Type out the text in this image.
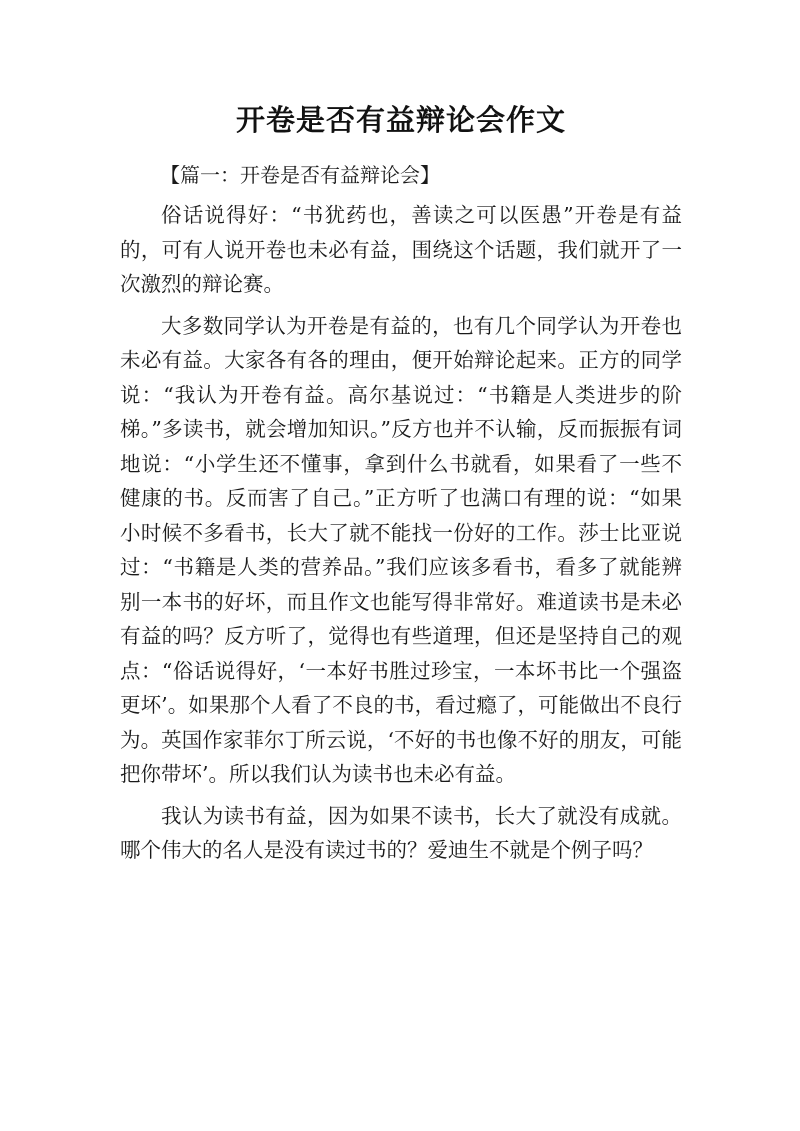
开卷是否有益辩论会作文

【篇一：开卷是否有益辩论会】

俗话说得好：“书犹药也，善读之可以医愚”开卷是有益的，可有人说开卷也未必有益，围绕这个话题，我们就开了一次激烈的辩论赛。

大多数同学认为开卷是有益的，也有几个同学认为开卷也未必有益。大家各有各的理由，便开始辩论起来。正方的同学说：“我认为开卷有益。高尔基说过：“书籍是人类进步的阶梯。”多读书，就会增加知识。”反方也并不认输，反而振振有词地说：“小学生还不懂事，拿到什么书就看，如果看了一些不健康的书。反而害了自己。”正方听了也满口有理的说：“如果小时候不多看书，长大了就不能找一份好的工作。莎士比亚说过：“书籍是人类的营养品。”我们应该多看书，看多了就能辨别一本书的好坏，而且作文也能写得非常好。难道读书是未必有益的吗？反方听了，觉得也有些道理，但还是坚持自己的观点：“俗话说得好，‘一本好书胜过珍宝，一本坏书比一个强盗更坏’。如果那个人看了不良的书，看过瘾了，可能做出不良行为。英国作家菲尔丁所云说，‘不好的书也像不好的朋友，可能把你带坏’。所以我们认为读书也未必有益。

我认为读书有益，因为如果不读书，长大了就没有成就。哪个伟大的名人是没有读过书的？爱迪生不就是个例子吗？
